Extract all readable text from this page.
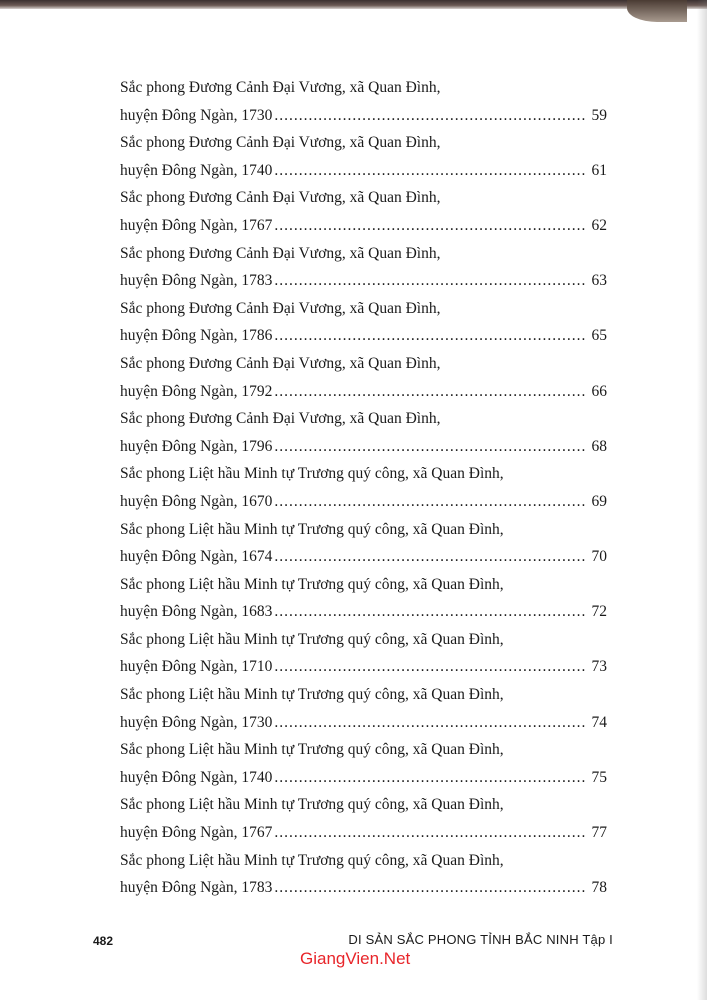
Sắc phong Đương Cảnh Đại Vương, xã Quan Đình,
huyện Đông Ngàn, 1730 .....	59
Sắc phong Đương Cảnh Đại Vương, xã Quan Đình,
huyện Đông Ngàn, 1740 .....	61
Sắc phong Đương Cảnh Đại Vương, xã Quan Đình,
huyện Đông Ngàn, 1767 .....	62
Sắc phong Đương Cảnh Đại Vương, xã Quan Đình,
huyện Đông Ngàn, 1783 .....	63
Sắc phong Đương Cảnh Đại Vương, xã Quan Đình,
huyện Đông Ngàn, 1786 .....	65
Sắc phong Đương Cảnh Đại Vương, xã Quan Đình,
huyện Đông Ngàn, 1792 .....	66
Sắc phong Đương Cảnh Đại Vương, xã Quan Đình,
huyện Đông Ngàn, 1796 .....	68
Sắc phong Liệt hầu Minh tự Trương quý công, xã Quan Đình,
huyện Đông Ngàn, 1670 .....	69
Sắc phong Liệt hầu Minh tự Trương quý công, xã Quan Đình,
huyện Đông Ngàn, 1674 .....	70
Sắc phong Liệt hầu Minh tự Trương quý công, xã Quan Đình,
huyện Đông Ngàn, 1683 .....	72
Sắc phong Liệt hầu Minh tự Trương quý công, xã Quan Đình,
huyện Đông Ngàn, 1710 .....	73
Sắc phong Liệt hầu Minh tự Trương quý công, xã Quan Đình,
huyện Đông Ngàn, 1730 .....	74
Sắc phong Liệt hầu Minh tự Trương quý công, xã Quan Đình,
huyện Đông Ngàn, 1740 .....	75
Sắc phong Liệt hầu Minh tự Trương quý công, xã Quan Đình,
huyện Đông Ngàn, 1767 .....	77
Sắc phong Liệt hầu Minh tự Trương quý công, xã Quan Đình,
huyện Đông Ngàn, 1783 .....	78
482	DI SẢN SẮC PHONG TỈNH BẮC NINH Tập I
GiangVien.Net
